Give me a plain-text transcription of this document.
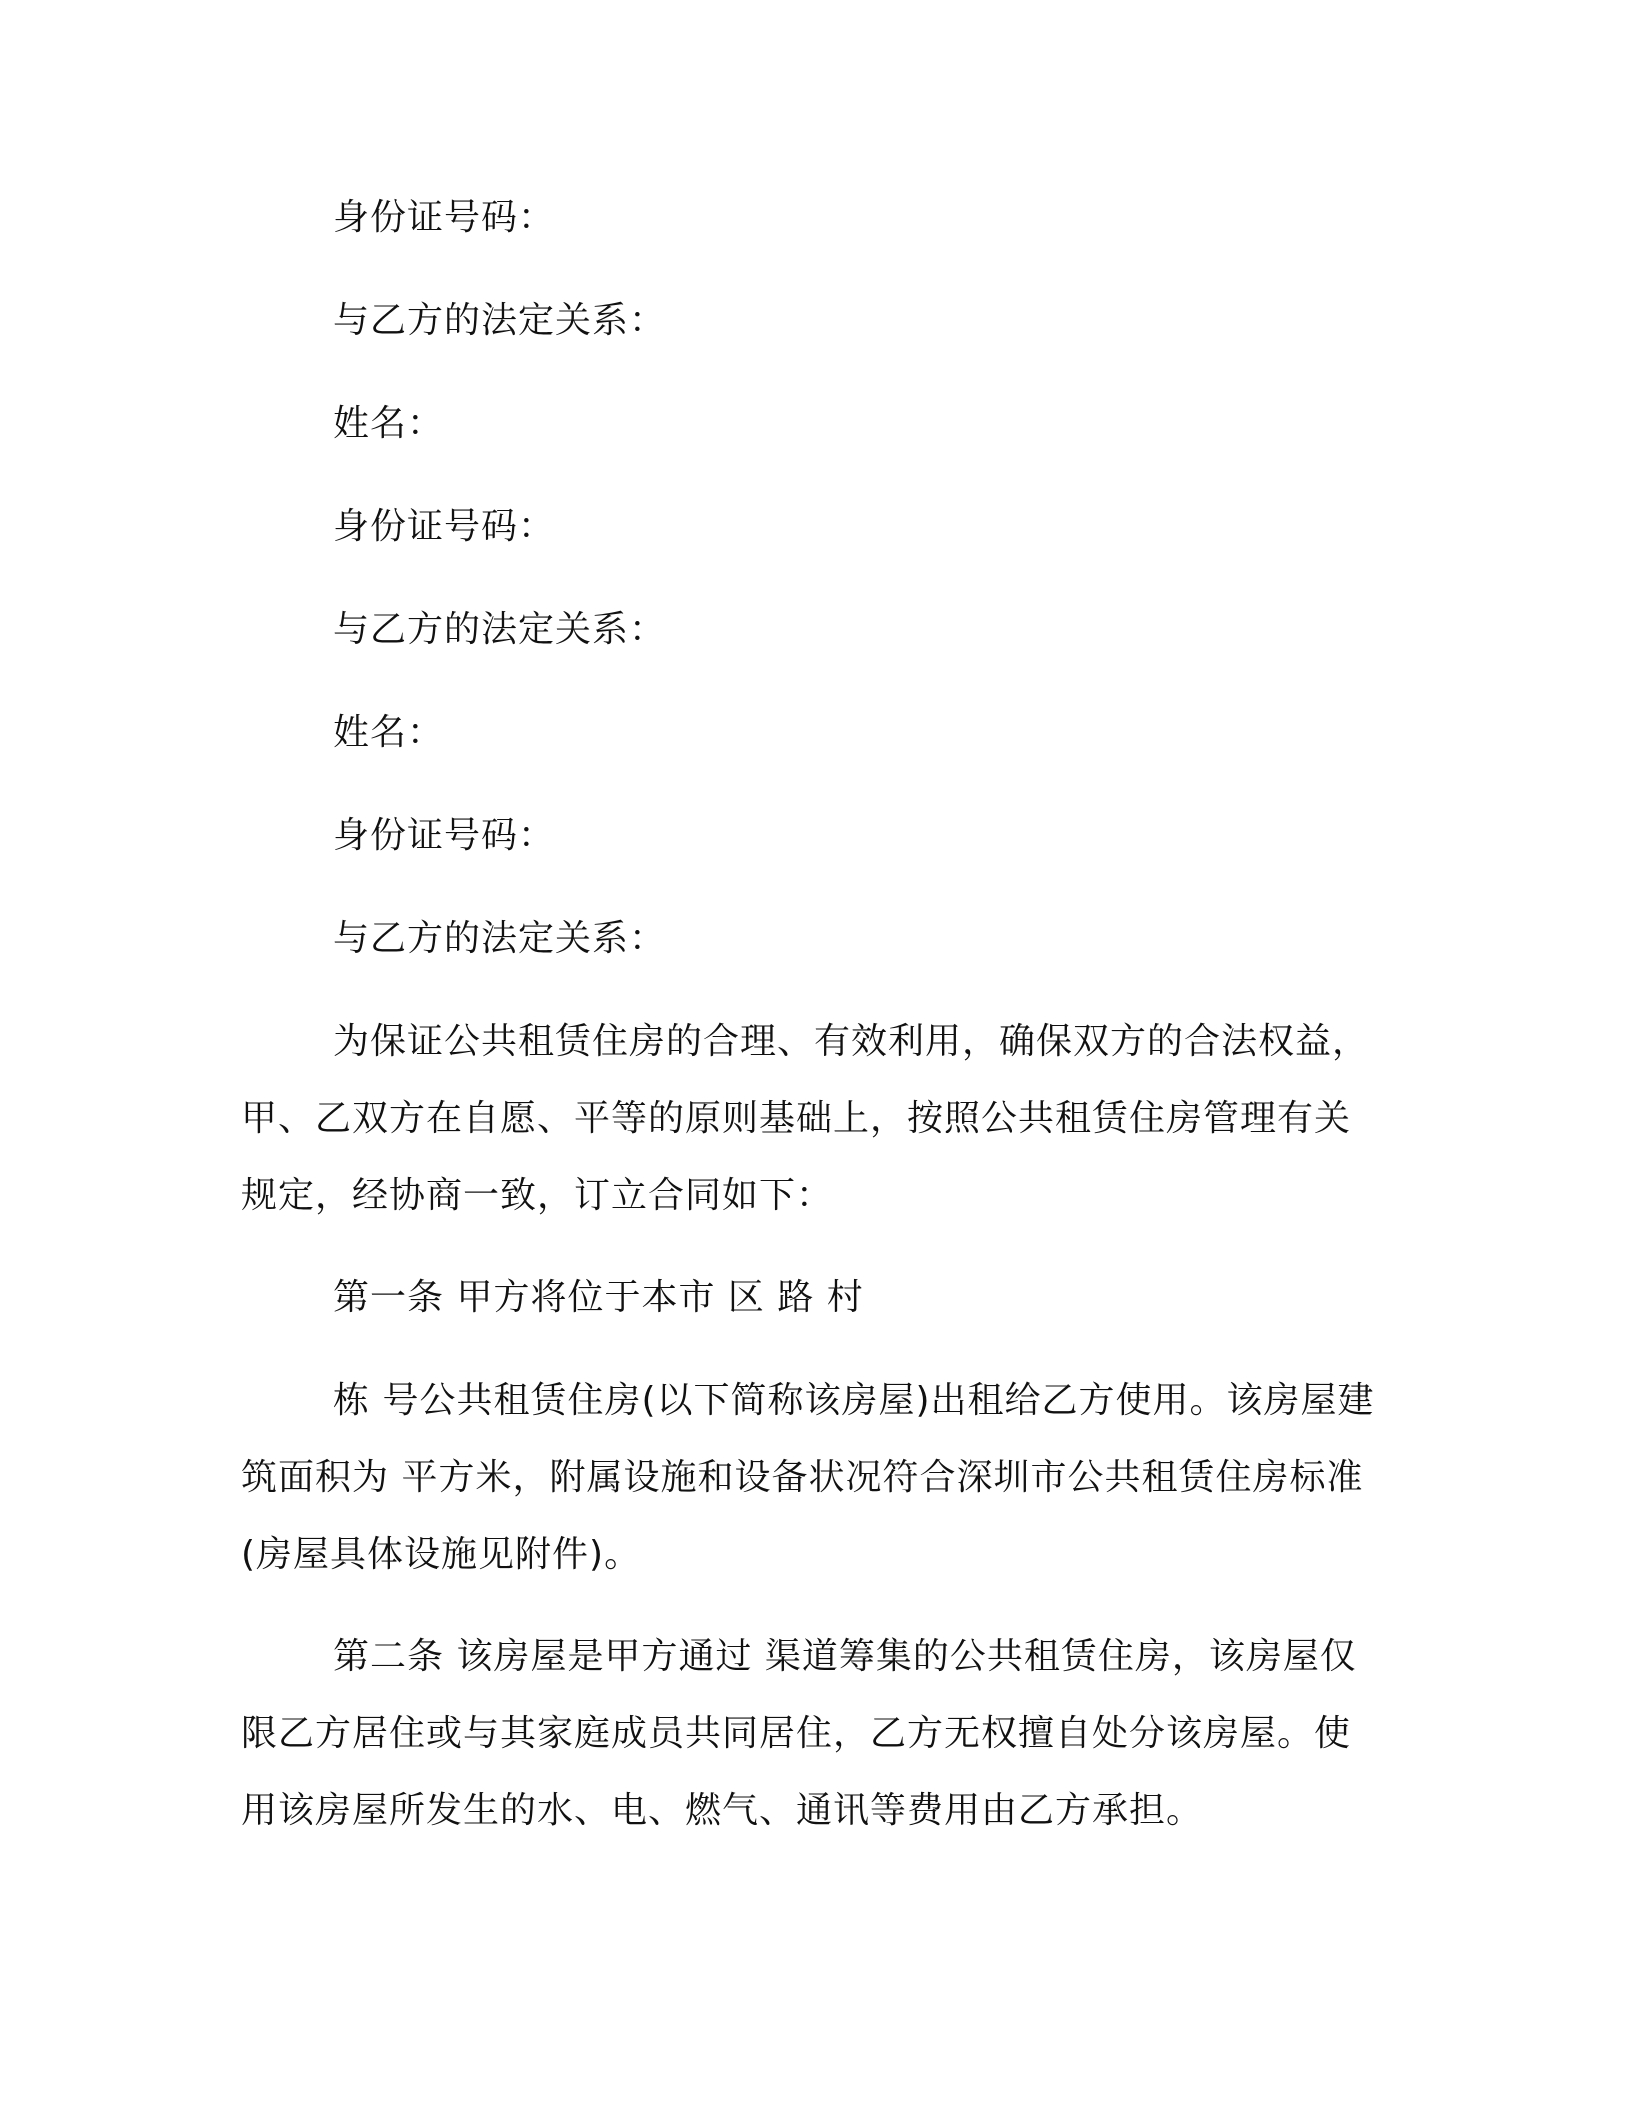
身份证号码：
与乙方的法定关系：
姓名：
身份证号码：
与乙方的法定关系：
姓名：
身份证号码：
与乙方的法定关系：
为保证公共租赁住房的合理、有效利用，确保双方的合法权益，
甲、乙双方在自愿、平等的原则基础上，按照公共租赁住房管理有关
规定，经协商一致，订立合同如下：
第一条 甲方将位于本市 区 路 村
栋 号公共租赁住房(以下简称该房屋)出租给乙方使用。该房屋建
筑面积为 平方米，附属设施和设备状况符合深圳市公共租赁住房标准
(房屋具体设施见附件)。
第二条 该房屋是甲方通过 渠道筹集的公共租赁住房，该房屋仅
限乙方居住或与其家庭成员共同居住，乙方无权擅自处分该房屋。使
用该房屋所发生的水、电、燃气、通讯等费用由乙方承担。
